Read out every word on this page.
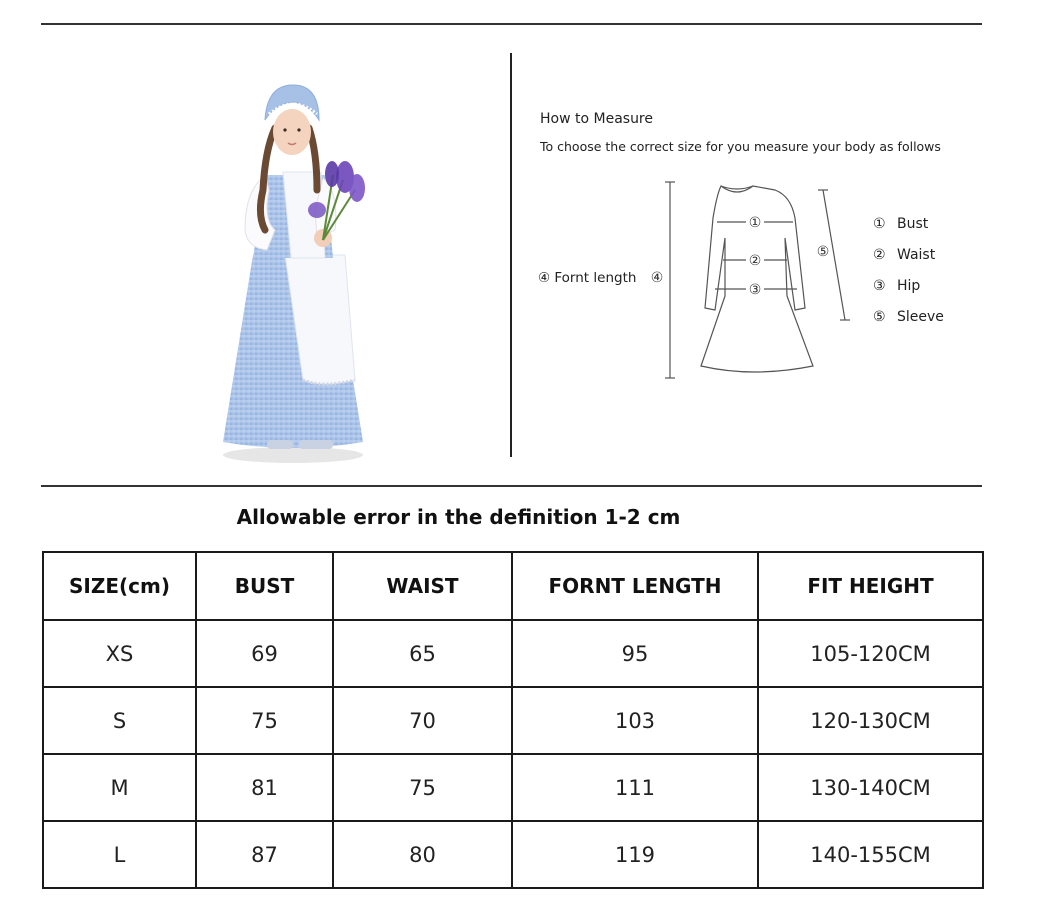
How to Measure
To choose the correct size for you measure your body as follows
④ Fornt length
①
②
③
④
⑤
① Bust
② Waist
③ Hip
⑤ Sleeve
Allowable error in the definition 1-2 cm
SIZE(cm)	BUST	WAIST	FORNT LENGTH	FIT HEIGHT
XS	69	65	95	105-120CM
S	75	70	103	120-130CM
M	81	75	111	130-140CM
L	87	80	119	140-155CM
